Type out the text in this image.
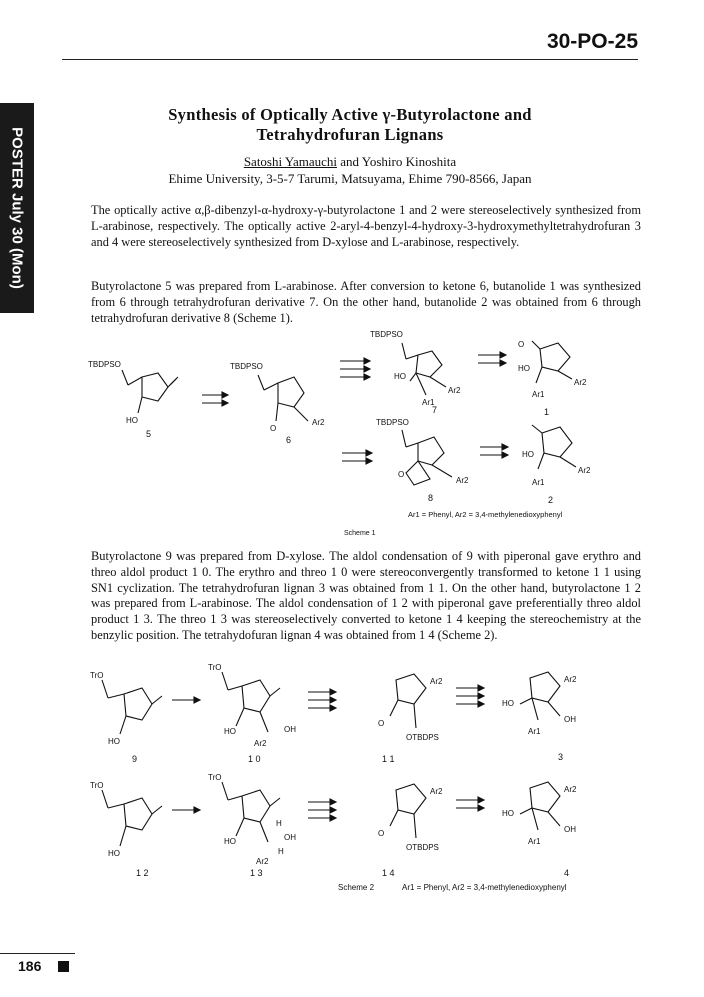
30-PO-25
POSTER July 30 (Mon)
Synthesis of Optically Active γ-Butyrolactone and
Tetrahydrofuran Lignans
Satoshi Yamauchi and Yoshiro Kinoshita
Ehime University, 3-5-7 Tarumi, Matsuyama, Ehime 790-8566, Japan
The optically active α,β-dibenzyl-α-hydroxy-γ-butyrolactone 1 and 2 were stereoselectively synthesized from L-arabinose, respectively. The optically active 2-aryl-4-benzyl-4-hydroxy-3-hydroxymethyltetrahydrofuran 3 and 4 were stereoselectively synthesized from D-xylose and L-arabinose, respectively.
Butyrolactone 5 was prepared from L-arabinose. After conversion to ketone 6, butanolide 1 was synthesized from 6 through tetrahydrofuran derivative 7. On the other hand, butanolide 2 was obtained from 6 through tetrahydrofuran derivative 8 (Scheme 1).
TBDPSO	TBDPSO
TBDPSO
TBDPSO
HO
O
Ar2
HO
Ar2
Ar1
HO
Ar2
Ar1
O
O
Ar2
HO
Ar2
Ar1
5
6
7	1
8	2
Ar1 = Phenyl, Ar2 = 3,4-methylenedioxyphenyl
Scheme 1
Butyrolactone 9 was prepared from D-xylose. The aldol condensation of 9 with piperonal gave erythro and threo aldol product 1 0. The erythro and threo 1 0 were stereoconvergently transformed to ketone 1 1 using SN1 cyclization. The tetrahydrofuran lignan 3 was obtained from 1 1. On the other hand, butyrolactone 1 2 was prepared from L-arabinose. The aldol condensation of 1 2 with piperonal gave preferentially threo aldol product 1 3. The threo 1 3 was stereoselectively converted to ketone 1 4 keeping the stereochemistry at the benzylic position. The tetrahydofuran lignan 4 was obtained from 1 4 (Scheme 2).
TrO
HO
TrO
HO	OH
Ar2
Ar2
O
OTBDPS
Ar2
HO
OH
Ar1
TrO
HO
TrO
HO
H
OH
H
Ar2
Ar2
O
OTBDPS
Ar2
HO
OH
Ar1
9	1 0	1 1	3
1 2	1 3	1 4	4
Scheme 2	Ar1 = Phenyl, Ar2 = 3,4-methylenedioxyphenyl
186
